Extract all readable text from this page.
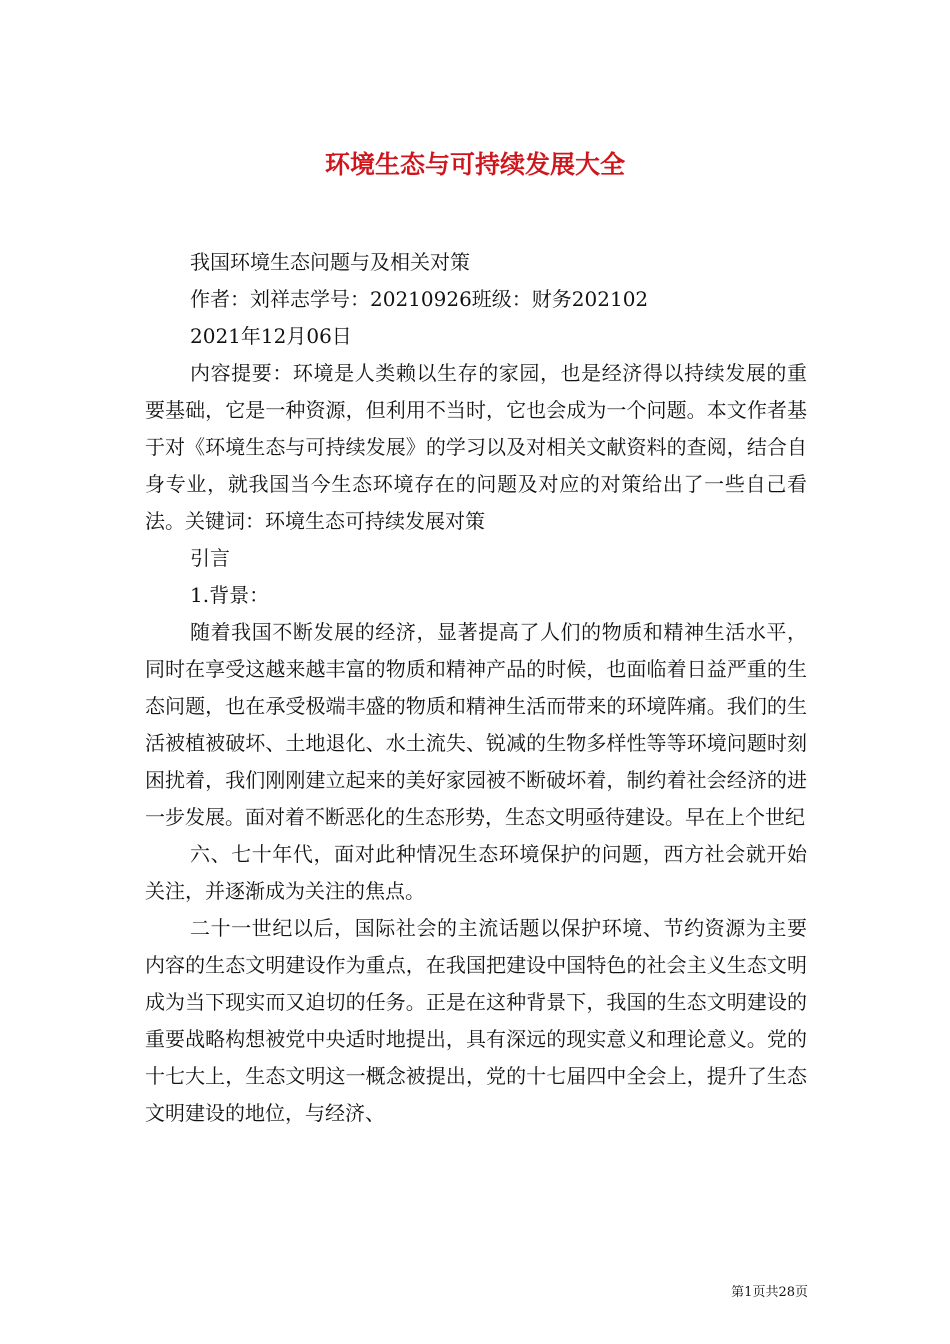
环境生态与可持续发展大全

我国环境生态问题与及相关对策

作者：刘祥志学号：20210926班级：财务202102

2021年12月06日

内容提要：环境是人类赖以生存的家园，也是经济得以持续发展的重要基础，它是一种资源，但利用不当时，它也会成为一个问题。本文作者基于对《环境生态与可持续发展》的学习以及对相关文献资料的查阅，结合自身专业，就我国当今生态环境存在的问题及对应的对策给出了一些自己看法。关键词：环境生态可持续发展对策

引言

1.背景：

随着我国不断发展的经济，显著提高了人们的物质和精神生活水平，同时在享受这越来越丰富的物质和精神产品的时候，也面临着日益严重的生态问题，也在承受极端丰盛的物质和精神生活而带来的环境阵痛。我们的生活被植被破坏、土地退化、水土流失、锐减的生物多样性等等环境问题时刻困扰着，我们刚刚建立起来的美好家园被不断破坏着，制约着社会经济的进一步发展。面对着不断恶化的生态形势，生态文明亟待建设。早在上个世纪

六、七十年代，面对此种情况生态环境保护的问题，西方社会就开始关注，并逐渐成为关注的焦点。

二十一世纪以后，国际社会的主流话题以保护环境、节约资源为主要内容的生态文明建设作为重点，在我国把建设中国特色的社会主义生态文明成为当下现实而又迫切的任务。正是在这种背景下，我国的生态文明建设的重要战略构想被党中央适时地提出，具有深远的现实意义和理论意义。党的十七大上，生态文明这一概念被提出，党的十七届四中全会上，提升了生态文明建设的地位，与经济、

第1页共28页
